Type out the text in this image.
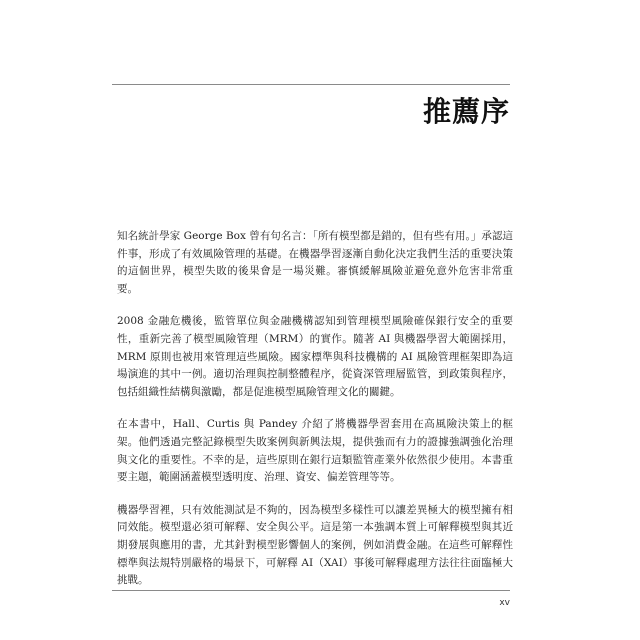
推薦序

知名統計學家 George Box 曾有句名言：「所有模型都是錯的，但有些有用。」承認這件事，形成了有效風險管理的基礎。在機器學習逐漸自動化決定我們生活的重要決策的這個世界，模型失敗的後果會是一場災難。審慎緩解風險並避免意外危害非常重要。

2008 金融危機後，監管單位與金融機構認知到管理模型風險確保銀行安全的重要性，重新完善了模型風險管理（MRM）的實作。隨著 AI 與機器學習大範圍採用，MRM 原則也被用來管理這些風險。國家標準與科技機構的 AI 風險管理框架即為這場演進的其中一例。適切治理與控制整體程序，從資深管理層監管，到政策與程序，包括組織性結構與激勵，都是促進模型風險管理文化的關鍵。

在本書中，Hall、Curtis 與 Pandey 介紹了將機器學習套用在高風險決策上的框架。他們透過完整記錄模型失敗案例與新興法規，提供強而有力的證據強調強化治理與文化的重要性。不幸的是，這些原則在銀行這類監管產業外依然很少使用。本書重要主題，範圍涵蓋模型透明度、治理、資安、偏差管理等等。

機器學習裡，只有效能測試是不夠的，因為模型多樣性可以讓差異極大的模型擁有相同效能。模型還必須可解釋、安全與公平。這是第一本強調本質上可解釋模型與其近期發展與應用的書，尤其針對模型影響個人的案例，例如消費金融。在這些可解釋性標準與法規特別嚴格的場景下，可解釋 AI（XAI）事後可解釋處理方法往往面臨極大挑戰。

xv
